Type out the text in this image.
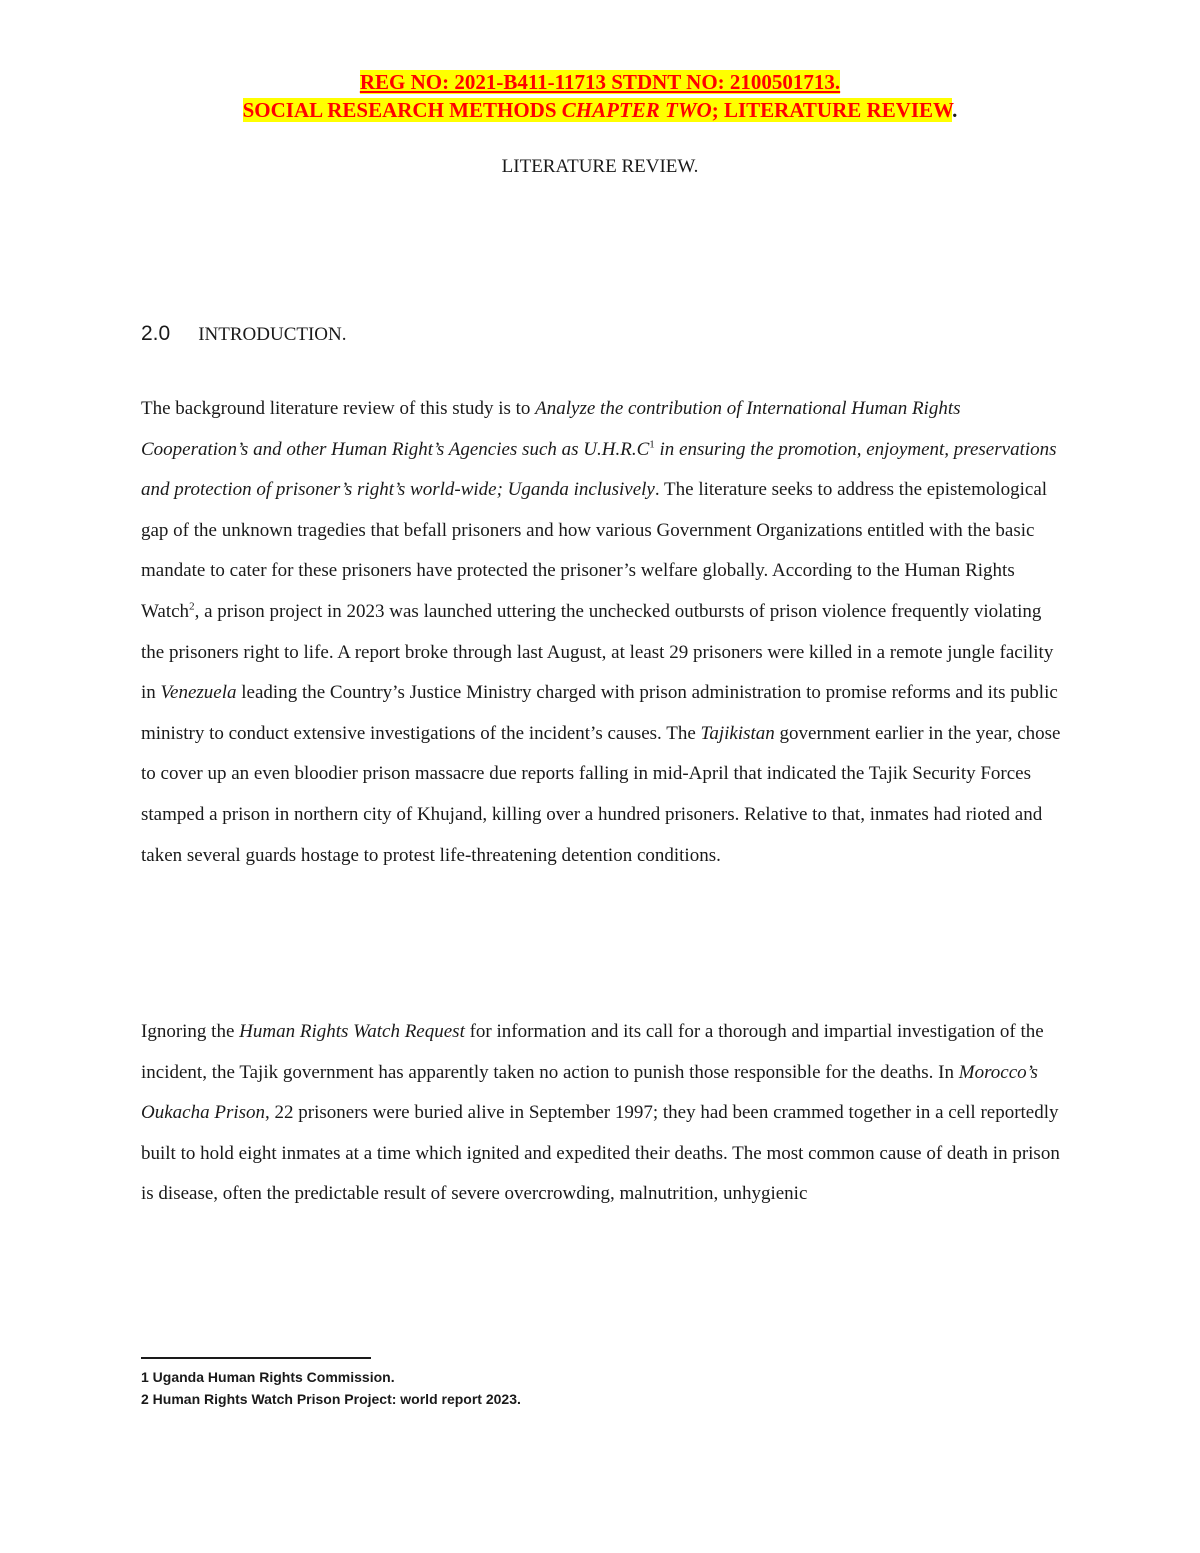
REG NO: 2021-B411-11713 STDNT NO: 2100501713.
SOCIAL RESEARCH METHODS CHAPTER TWO; LITERATURE REVIEW.
LITERATURE REVIEW.
2.0 INTRODUCTION.

The background literature review of this study is to Analyze the contribution of International Human Rights Cooperation’s and other Human Right’s Agencies such as $U.H.R.C^1$ in ensuring the promotion, enjoyment, preservations and protection of prisoner’s right’s world-wide; Uganda inclusively. The literature seeks to address the epistemological gap of the unknown tragedies that befall prisoners and how various Government Organizations entitled with the basic mandate to cater for these prisoners have protected the prisoner’s welfare globally. According to the Human Rights Watch$^2$, a prison project in 2023 was launched uttering the unchecked outbursts of prison violence frequently violating the prisoners right to life. A report broke through last August, at least 29 prisoners were killed in a remote jungle facility in Venezuela leading the Country’s Justice Ministry charged with prison administration to promise reforms and its public ministry to conduct extensive investigations of the incident’s causes. The Tajikistan government earlier in the year, chose to cover up an even bloodier prison massacre due reports falling in mid-April that indicated the Tajik Security Forces stamped a prison in northern city of Khujand, killing over a hundred prisoners. Relative to that, inmates had rioted and taken several guards hostage to protest life-threatening detention conditions.

Ignoring the Human Rights Watch Request for information and its call for a thorough and impartial investigation of the incident, the Tajik government has apparently taken no action to punish those responsible for the deaths. In Morocco’s Oukacha Prison, 22 prisoners were buried alive in September 1997; they had been crammed together in a cell reportedly built to hold eight inmates at a time which ignited and expedited their deaths. The most common cause of death in prison is disease, often the predictable result of severe overcrowding, malnutrition, unhygienic

1 Uganda Human Rights Commission.
2 Human Rights Watch Prison Project: world report 2023.
